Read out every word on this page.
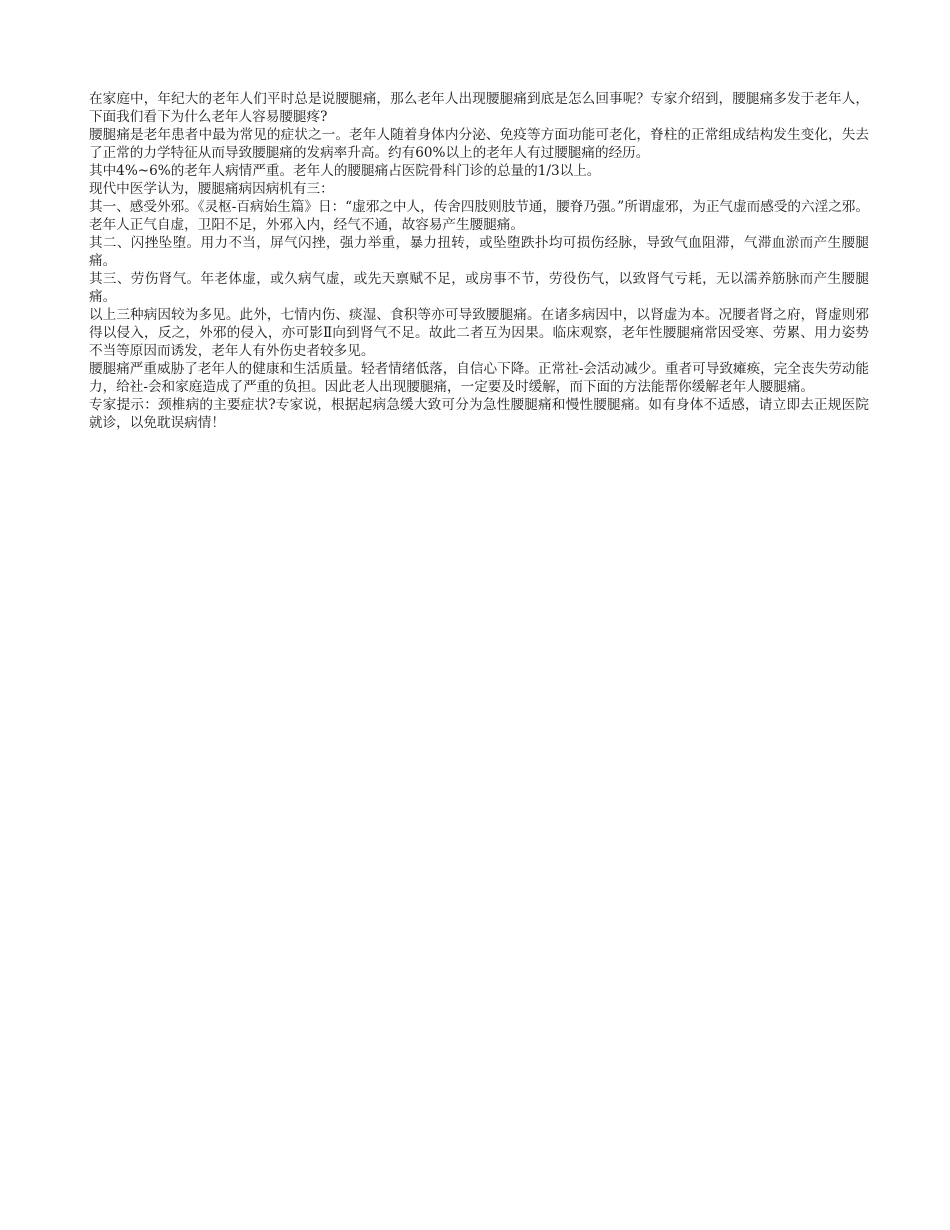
在家庭中，年纪大的老年人们平时总是说腰腿痛，那么老年人出现腰腿痛到底是怎么回事呢？专家介绍到，腰腿痛多发于老年人，下面我们看下为什么老年人容易腰腿疼?

腰腿痛是老年患者中最为常见的症状之一。老年人随着身体内分泌、免疫等方面功能可老化，脊柱的正常组成结构发生变化，失去了正常的力学特征从而导致腰腿痛的发病率升高。约有60%以上的老年人有过腰腿痛的经历。

其中4%~6%的老年人病情严重。老年人的腰腿痛占医院骨科门诊的总量的1/3以上。

现代中医学认为，腰腿痛病因病机有三：

其一、感受外邪。《灵枢-百病始生篇》日：“虚邪之中人，传舍四肢则肢节通，腰脊乃强。”所谓虚邪，为正气虚而感受的六淫之邪。老年人正气自虚，卫阳不足，外邪入内，经气不通，故容易产生腰腿痛。

其二、闪挫坠堕。用力不当，屏气闪挫，强力举重，暴力扭转，或坠堕跌扑均可损伤经脉，导致气血阻滞，气滞血淤而产生腰腿痛。

其三、劳伤肾气。年老体虚，或久病气虚，或先天禀赋不足，或房事不节，劳役伤气，以致肾气亏耗，无以濡养筋脉而产生腰腿痛。

以上三种病因较为多见。此外，七情内伤、痰湿、食积等亦可导致腰腿痛。在诸多病因中，以肾虚为本。况腰者肾之府，肾虚则邪得以侵入，反之，外邪的侵入，亦可影Ⅱ向到肾气不足。故此二者互为因果。临床观察，老年性腰腿痛常因受寒、劳累、用力姿势不当等原因而诱发，老年人有外伤史者较多见。

腰腿痛严重威胁了老年人的健康和生活质量。轻者情绪低落，自信心下降。正常社-会活动减少。重者可导致瘫痪，完全丧失劳动能力，给社-会和家庭造成了严重的负担。因此老人出现腰腿痛，一定要及时缓解，而下面的方法能帮你缓解老年人腰腿痛。

专家提示：颈椎病的主要症状?专家说，根据起病急缓大致可分为急性腰腿痛和慢性腰腿痛。如有身体不适感，请立即去正规医院就诊，以免耽误病情！
